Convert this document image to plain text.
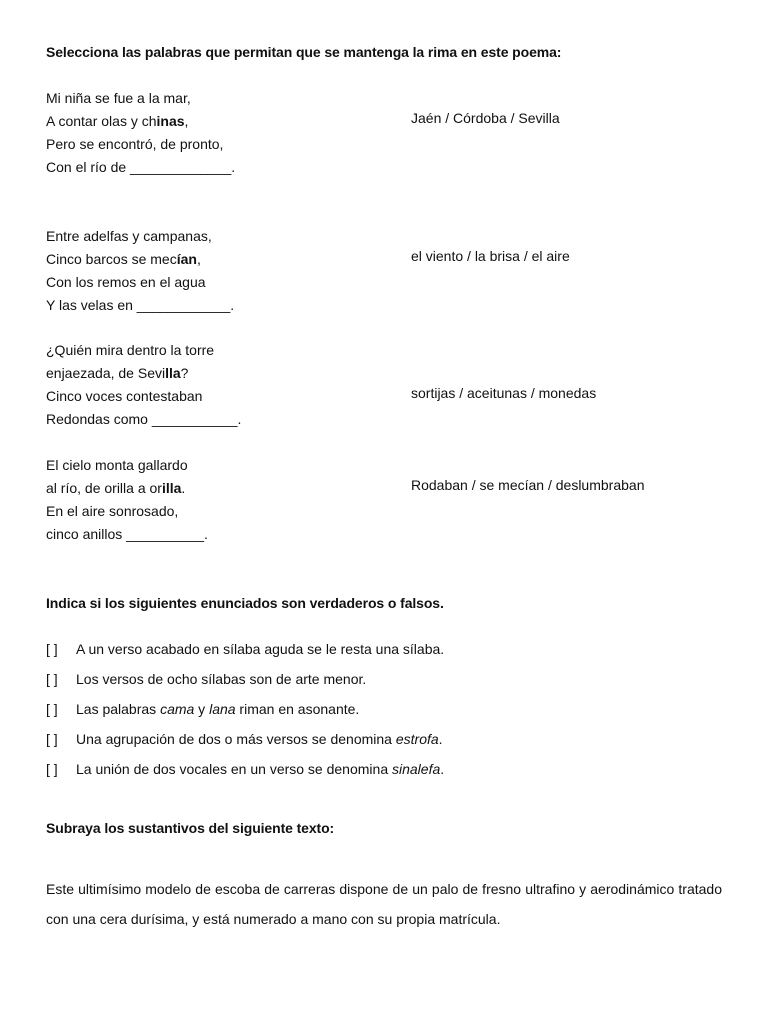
Selecciona las palabras que permitan que se mantenga la rima en este poema:
Mi niña se fue a la mar,
A contar olas y chinas,
Pero se encontró, de pronto,
Con el río de _____________.
Jaén / Córdoba / Sevilla
Entre adelfas y campanas,
Cinco barcos se mecían,
Con los remos en el agua
Y las velas en ____________.
el viento / la brisa / el aire
¿Quién mira dentro la torre
enjaezada, de Sevilla?
Cinco voces contestaban
Redondas como ___________.
sortijas / aceitunas / monedas
El cielo monta gallardo
al río, de orilla a orilla.
En el aire sonrosado,
cinco anillos __________.
Rodaban / se mecían / deslumbraban
Indica si los siguientes enunciados son verdaderos o falsos.
[ ] A un verso acabado en sílaba aguda se le resta una sílaba.
[ ] Los versos de ocho sílabas son de arte menor.
[ ] Las palabras cama y lana riman en asonante.
[ ] Una agrupación de dos o más versos se denomina estrofa.
[ ] La unión de dos vocales en un verso se denomina sinalefa.
Subraya los sustantivos del siguiente texto:
Este ultimísimo modelo de escoba de carreras dispone de un palo de fresno ultrafino y aerodinámico tratado con una cera durísima, y está numerado a mano con su propia matrícula.
